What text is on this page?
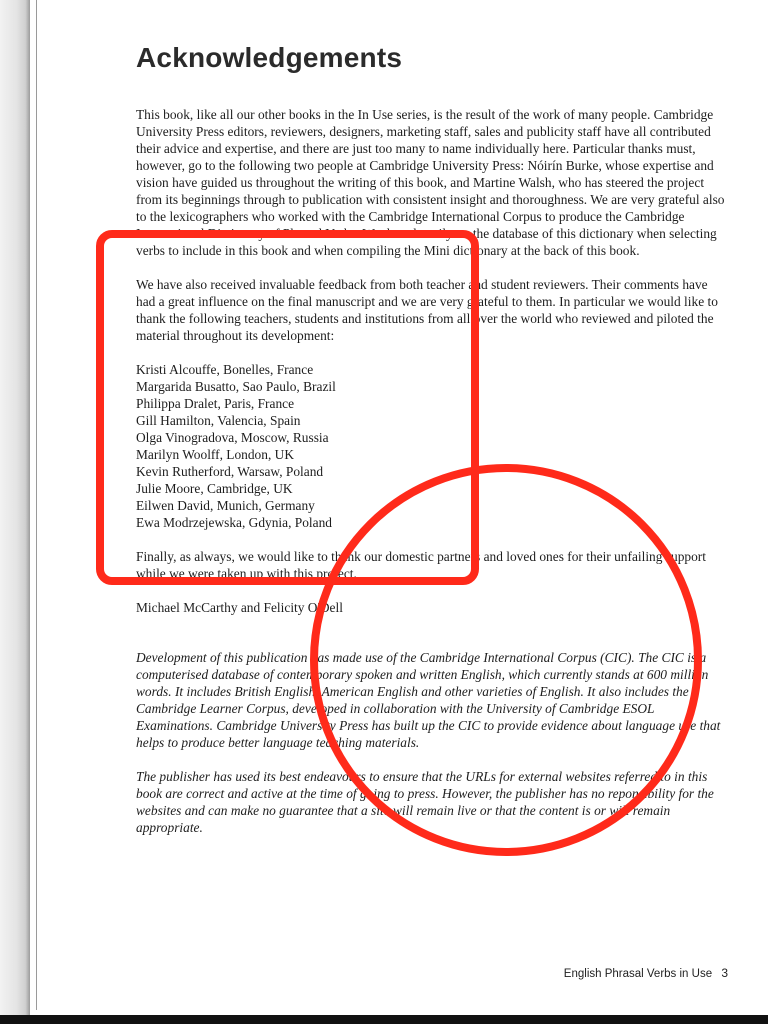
Acknowledgements

This book, like all our other books in the In Use series, is the result of the work of many people. Cambridge University Press editors, reviewers, designers, marketing staff, sales and publicity staff have all contributed their advice and expertise, and there are just too many to name individually here. Particular thanks must, however, go to the following two people at Cambridge University Press: Nóirín Burke, whose expertise and vision have guided us throughout the writing of this book, and Martine Walsh, who has steered the project from its beginnings through to publication with consistent insight and thoroughness. We are very grateful also to the lexicographers who worked with the Cambridge International Corpus to produce the Cambridge International Dictionary of Phrasal Verbs. We drew heavily on the database of this dictionary when selecting verbs to include in this book and when compiling the Mini dictionary at the back of this book.

We have also received invaluable feedback from both teacher and student reviewers. Their comments have had a great influence on the final manuscript and we are very grateful to them. In particular we would like to thank the following teachers, students and institutions from all over the world who reviewed and piloted the material throughout its development:

Kristi Alcouffe, Bonelles, France
Margarida Busatto, Sao Paulo, Brazil
Philippa Dralet, Paris, France
Gill Hamilton, Valencia, Spain
Olga Vinogradova, Moscow, Russia
Marilyn Woolff, London, UK
Kevin Rutherford, Warsaw, Poland
Julie Moore, Cambridge, UK
Eilwen David, Munich, Germany
Ewa Modrzejewska, Gdynia, Poland

Finally, as always, we would like to thank our domestic partners and loved ones for their unfailing support while we were taken up with this project.

Michael McCarthy and Felicity O'Dell

Development of this publication has made use of the Cambridge International Corpus (CIC). The CIC is a computerised database of contemporary spoken and written English, which currently stands at 600 million words. It includes British English, American English and other varieties of English. It also includes the Cambridge Learner Corpus, developed in collaboration with the University of Cambridge ESOL Examinations. Cambridge University Press has built up the CIC to provide evidence about language use that helps to produce better language teaching materials.

The publisher has used its best endeavours to ensure that the URLs for external websites referred to in this book are correct and active at the time of going to press. However, the publisher has no reponsibility for the websites and can make no guarantee that a site will remain live or that the content is or will remain appropriate.

English Phrasal Verbs in Use 3
